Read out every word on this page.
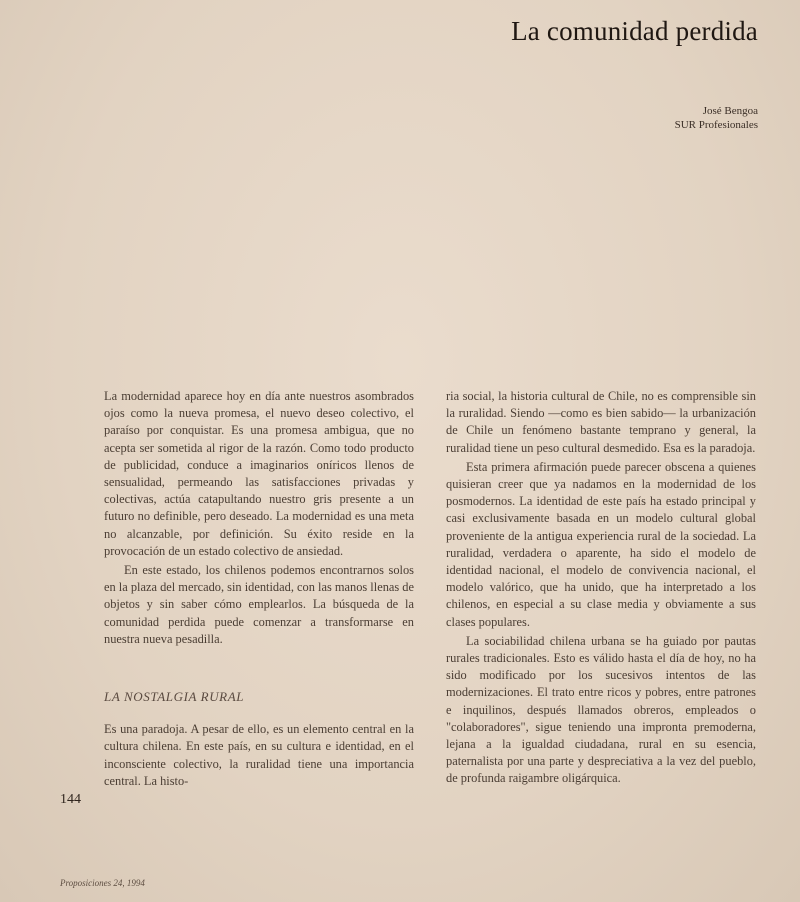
La comunidad perdida
José Bengoa
SUR Profesionales

La modernidad aparece hoy en día ante nuestros asombrados ojos como la nueva promesa, el nuevo deseo colectivo, el paraíso por conquistar. Es una promesa ambigua, que no acepta ser sometida al rigor de la razón. Como todo producto de publicidad, conduce a imaginarios oníricos llenos de sensualidad, permeando las satisfacciones privadas y colectivas, actúa catapultando nuestro gris presente a un futuro no definible, pero deseado. La modernidad es una meta no alcanzable, por definición. Su éxito reside en la provocación de un estado colectivo de ansiedad.

En este estado, los chilenos podemos encontrarnos solos en la plaza del mercado, sin identidad, con las manos llenas de objetos y sin saber cómo emplearlos. La búsqueda de la comunidad perdida puede comenzar a transformarse en nuestra nueva pesadilla.

LA NOSTALGIA RURAL

Es una paradoja. A pesar de ello, es un elemento central en la cultura chilena. En este país, en su cultura e identidad, en el inconsciente colectivo, la ruralidad tiene una importancia central. La histo-

ria social, la historia cultural de Chile, no es comprensible sin la ruralidad. Siendo —como es bien sabido— la urbanización de Chile un fenómeno bastante temprano y general, la ruralidad tiene un peso cultural desmedido. Esa es la paradoja.

Esta primera afirmación puede parecer obscena a quienes quisieran creer que ya nadamos en la modernidad de los posmodernos. La identidad de este país ha estado principal y casi exclusivamente basada en un modelo cultural global proveniente de la antigua experiencia rural de la sociedad. La ruralidad, verdadera o aparente, ha sido el modelo de identidad nacional, el modelo de convivencia nacional, el modelo valórico, que ha unido, que ha interpretado a los chilenos, en especial a su clase media y obviamente a sus clases populares.

La sociabilidad chilena urbana se ha guiado por pautas rurales tradicionales. Esto es válido hasta el día de hoy, no ha sido modificado por los sucesivos intentos de las modernizaciones. El trato entre ricos y pobres, entre patrones e inquilinos, después llamados obreros, empleados o "colaboradores", sigue teniendo una impronta premoderna, lejana a la igualdad ciudadana, rural en su esencia, paternalista por una parte y despreciativa a la vez del pueblo, de profunda raigambre oligárquica.

144
Proposiciones 24, 1994
